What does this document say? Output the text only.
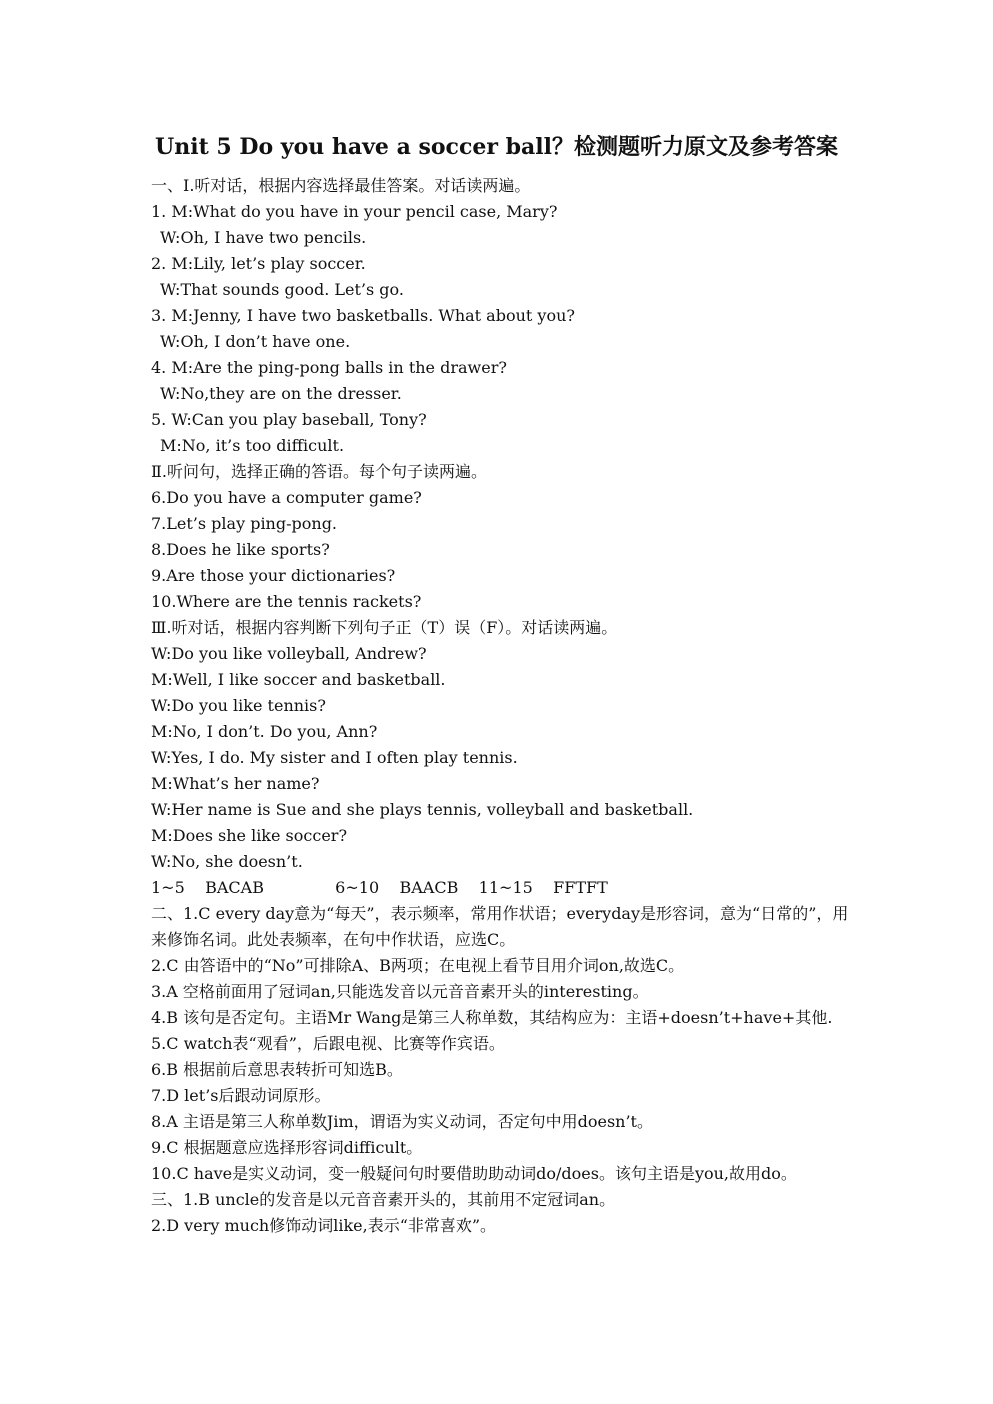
Unit 5 Do you have a soccer ball？检测题听力原文及参考答案
一、Ⅰ.听对话，根据内容选择最佳答案。对话读两遍。
1. M:What do you have in your pencil case, Mary?
W:Oh, I have two pencils.
2. M:Lily, let’s play soccer.
W:That sounds good. Let’s go.
3. M:Jenny, I have two basketballs. What about you?
W:Oh, I don’t have one.
4. M:Are the ping-pong balls in the drawer?
W:No,they are on the dresser.
5. W:Can you play baseball, Tony?
M:No, it’s too difficult.
Ⅱ.听问句，选择正确的答语。每个句子读两遍。
6.Do you have a computer game?
7.Let’s play ping-pong.
8.Does he like sports?
9.Are those your dictionaries?
10.Where are the tennis rackets?
Ⅲ.听对话，根据内容判断下列句子正（T）误（F）。对话读两遍。
W:Do you like volleyball, Andrew?
M:Well, I like soccer and basketball.
W:Do you like tennis?
M:No, I don’t. Do you, Ann?
W:Yes, I do. My sister and I often play tennis.
M:What’s her name?
W:Her name is Sue and she plays tennis, volleyball and basketball.
M:Does she like soccer?
W:No, she doesn’t.
1~5    BACAB              6~10    BAACB    11~15    FFTFT
二、1.C every day意为“每天”，表示频率，常用作状语；everyday是形容词，意为“日常的”，用来修饰名词。此处表频率，在句中作状语，应选C。
2.C 由答语中的“No”可排除A、B两项；在电视上看节目用介词on,故选C。
3.A 空格前面用了冠词an,只能选发音以元音音素开头的interesting。
4.B 该句是否定句。主语Mr Wang是第三人称单数，其结构应为：主语+doesn’t+have+其他.
5.C watch表“观看”，后跟电视、比赛等作宾语。
6.B 根据前后意思表转折可知选B。
7.D let’s后跟动词原形。
8.A 主语是第三人称单数Jim，谓语为实义动词，否定句中用doesn’t。
9.C 根据题意应选择形容词difficult。
10.C have是实义动词，变一般疑问句时要借助助动词do/does。该句主语是you,故用do。
三、1.B uncle的发音是以元音音素开头的，其前用不定冠词an。
2.D very much修饰动词like,表示“非常喜欢”。
